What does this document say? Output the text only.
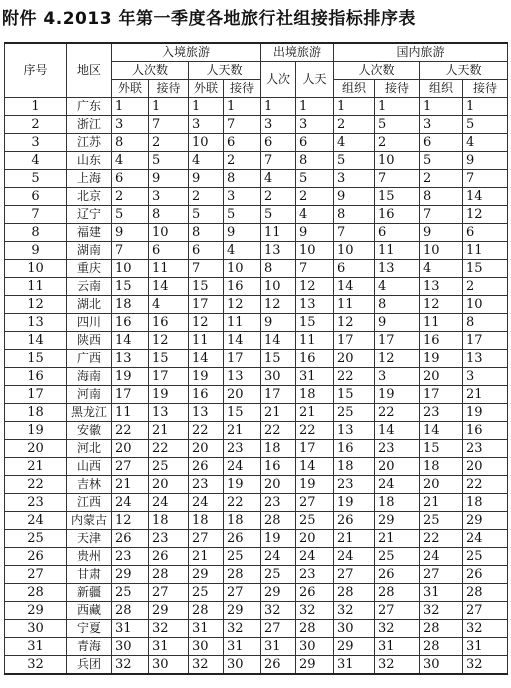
附件 4.2013 年第一季度各地旅行社组接指标排序表
序号	地区	入境旅游				出境旅游		国内旅游			
		人次数		人天数		人次	人天	人次数		人天数	
		外联	接待	外联	接待			组织	接待	组织	接待
1	广东	1	1	1	1	1	1	1	1	1	1
2	浙江	3	7	3	7	3	3	2	5	3	5
3	江苏	8	2	10	6	6	6	4	2	6	4
4	山东	4	5	4	2	7	8	5	10	5	9
5	上海	6	9	9	8	4	5	3	7	2	7
6	北京	2	3	2	3	2	2	9	15	8	14
7	辽宁	5	8	5	5	5	4	8	16	7	12
8	福建	9	10	8	9	11	9	7	6	9	6
9	湖南	7	6	6	4	13	10	10	11	10	11
10	重庆	10	11	7	10	8	7	6	13	4	15
11	云南	15	14	15	16	10	12	14	4	13	2
12	湖北	18	4	17	12	12	13	11	8	12	10
13	四川	16	16	12	11	9	15	12	9	11	8
14	陕西	14	12	11	14	14	11	17	17	16	17
15	广西	13	15	14	17	15	16	20	12	19	13
16	海南	19	17	19	13	30	31	22	3	20	3
17	河南	17	19	16	20	17	18	15	19	17	21
18	黑龙江	11	13	13	15	21	21	25	22	23	19
19	安徽	22	21	22	21	22	22	13	14	14	16
20	河北	20	22	20	23	18	17	16	23	15	23
21	山西	27	25	26	24	16	14	18	20	18	20
22	吉林	21	20	23	19	20	19	23	24	20	22
23	江西	24	24	24	22	23	27	19	18	21	18
24	内蒙古	12	18	18	18	28	25	26	29	25	29
25	天津	26	23	27	26	19	20	21	21	22	24
26	贵州	23	26	21	25	24	24	24	25	24	25
27	甘肃	29	28	29	28	25	23	27	26	27	26
28	新疆	25	27	25	27	29	26	28	28	31	28
29	西藏	28	29	28	29	32	32	32	27	32	27
30	宁夏	31	32	31	32	27	28	30	32	28	32
31	青海	30	31	30	31	31	30	29	31	28	31
32	兵团	32	30	32	30	26	29	31	32	30	32
